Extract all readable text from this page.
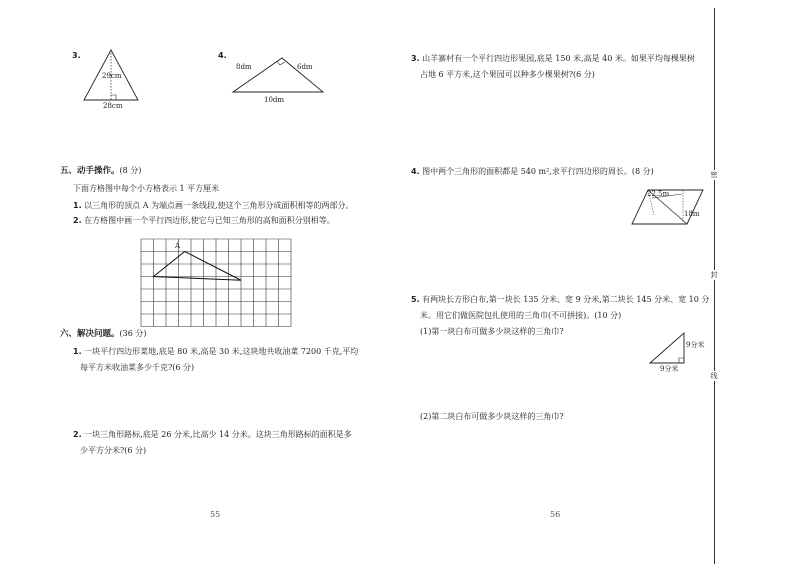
3.
29cm
28cm
4.
8dm	6dm
10dm
五、动手操作。(8 分)
下面方格图中每个小方格表示 1 平方厘米
1. 以三角形的顶点 A 为端点画一条线段,使这个三角形分成面积相等的两部分。
2. 在方格图中画一个平行四边形,使它与已知三角形的高和面积分别相等。
A
六、解决问题。(36 分)
1. 一块平行四边形菜地,底是 80 米,高是 30 米,这块地共收油菜 7200 千克,平均
每平方米收油菜多少千克?(6 分)
2. 一块三角形路标,底是 26 分米,比高少 14 分米。这块三角形路标的面积是多
少平方分米?(6 分)
55
3. 山羊寨村有一个平行四边形果园,底是 150 米,高是 40 米。如果平均每棵果树
占地 6 平方米,这个果园可以种多少棵果树?(6 分)
4. 图中两个三角形的面积都是 540 m²,求平行四边形的周长。(8 分)
22.5m
18m
5. 有两块长方形白布,第一块长 135 分米、宽 9 分米,第二块长 145 分米、宽 10 分
米。用它们做医院包扎使用的三角巾(不可拼接)。(10 分)
(1)第一块白布可做多少块这样的三角巾?
9分米
9分米
(2)第二块白布可做多少块这样的三角巾?
56
密
封
线
